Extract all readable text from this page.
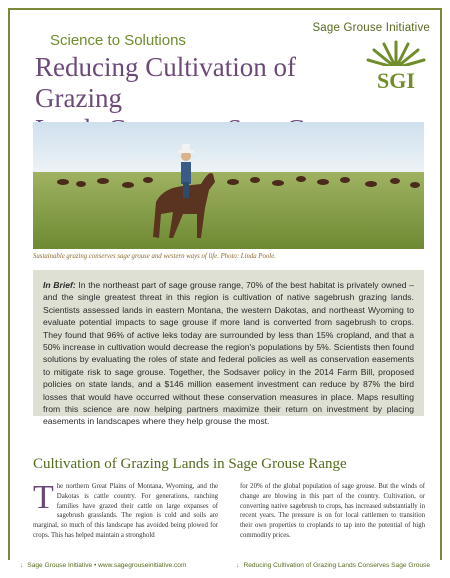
Sage Grouse Initiative
Science to Solutions
Reducing Cultivation of Grazing

SGI
Sustainable grazing conserves sage grouse and western ways of life. Photo: Linda Poole.
In Brief: In the northeast part of sage grouse range, 70% of the best habitat is privately owned – and the single greatest threat in this region is cultivation of native sagebrush grazing lands. Scientists assessed lands in eastern Montana, the western Dakotas, and northeast Wyoming to evaluate potential impacts to sage grouse if more land is converted from sagebrush to crops. They found that 96% of active leks today are surrounded by less than 15% cropland, and that a 50% increase in cultivation would decrease the region's populations by 5%. Scientists then found solutions by evaluating the roles of state and federal policies as well as conservation easements to mitigate risk to sage grouse. Together, the Sodsaver policy in the 2014 Farm Bill, proposed policies on state lands, and a $146 million easement investment can reduce by 87% the bird losses that would have occurred without these conservation measures in place. Maps resulting from this science are now helping partners maximize their return on investment by placing easements in landscapes where they help grouse the most.
Cultivation of Grazing Lands in Sage Grouse Range
T he northern Great Plains of Montana, Wyoming, and the Dakotas is cattle country. For generations, ranching families have grazed their cattle on large expanses of sagebrush grasslands. The region is cold and soils are marginal, so much of this landscape has avoided being plowed for crops. This has helped maintain a stronghold
for 20% of the global population of sage grouse. But the winds of change are blowing in this part of the country. Cultivation, or converting native sagebrush to crops, has increased substantially in recent years. The pressure is on for local cattlemen to transition their own properties to croplands to tap into the potential of high commodity prices.
↓ Sage Grouse Initiative • www.sagegrouseinitiative.com	↓ Reducing Cultivation of Grazing Lands Conserves Sage Grouse
